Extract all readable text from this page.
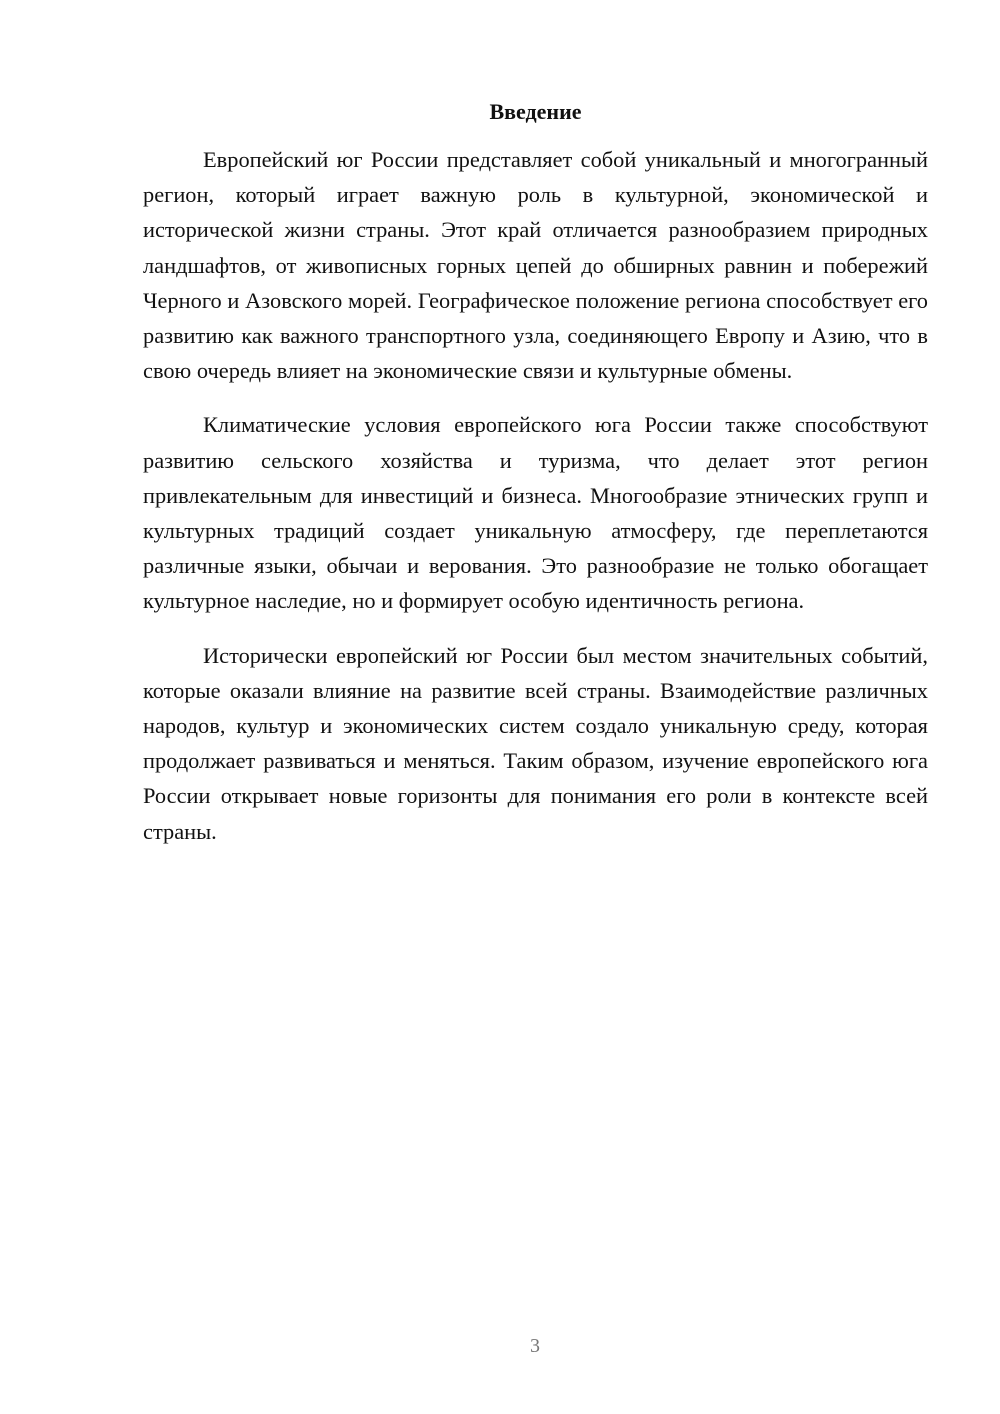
Введение

Европейский юг России представляет собой уникальный и многогранный регион, который играет важную роль в культурной, экономической и исторической жизни страны. Этот край отличается разнообразием природных ландшафтов, от живописных горных цепей до обширных равнин и побережий Черного и Азовского морей. Географическое положение региона способствует его развитию как важного транспортного узла, соединяющего Европу и Азию, что в свою очередь влияет на экономические связи и культурные обмены.

Климатические условия европейского юга России также способствуют развитию сельского хозяйства и туризма, что делает этот регион привлекательным для инвестиций и бизнеса. Многообразие этнических групп и культурных традиций создает уникальную атмосферу, где переплетаются различные языки, обычаи и верования. Это разнообразие не только обогащает культурное наследие, но и формирует особую идентичность региона.

Исторически европейский юг России был местом значительных событий, которые оказали влияние на развитие всей страны. Взаимодействие различных народов, культур и экономических систем создало уникальную среду, которая продолжает развиваться и меняться. Таким образом, изучение европейского юга России открывает новые горизонты для понимания его роли в контексте всей страны.

3
